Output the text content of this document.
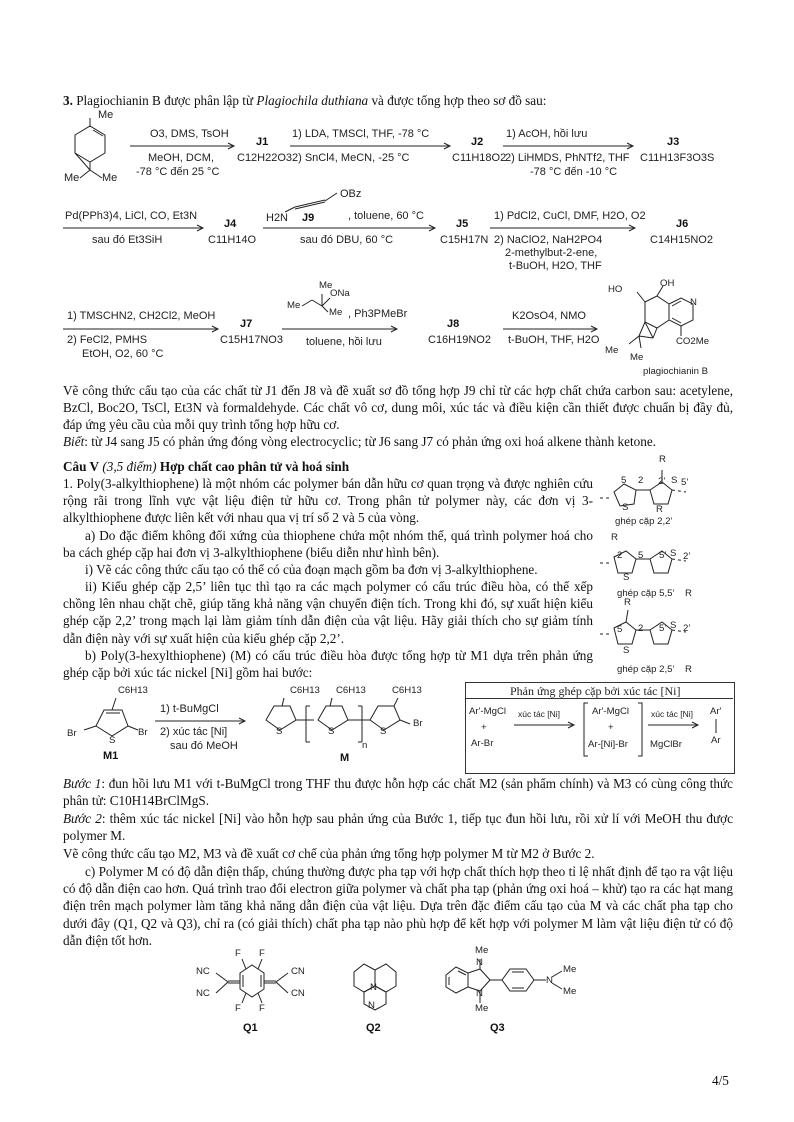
3. Plagiochianin B được phân lập từ Plagiochila duthiana và được tổng hợp theo sơ đồ sau:
Me
Me Me
O3, DMS, TsOH
MeOH, DCM,
-78 °C đến 25 °C
J1
C12H22O3
1) LDA, TMSCl, THF, -78 °C
2) SnCl4, MeCN, -25 °C
J2
C11H18O2
1) AcOH, hồi lưu
2) LiHMDS, PhNTf2, THF
-78 °C đến -10 °C
J3
C11H13F3O3S
Pd(PPh3)4, LiCl, CO, Et3N
sau đó Et3SiH
J4
C11H14O
H2N J9
OBz
, toluene, 60 °C
sau đó DBU, 60 °C
J5
C15H17N
1) PdCl2, CuCl, DMF, H2O, O2
2) NaClO2, NaH2PO4
2-methylbut-2-ene,
t-BuOH, H2O, THF
J6
C14H15NO2
1) TMSCHN2, CH2Cl2, MeOH
2) FeCl2, PMHS
EtOH, O2, 60 °C
J7
C15H17NO3
Me
ONa
Me
Me , Ph3PMeBr
toluene, hồi lưu
J8
C16H19NO2
K2OsO4, NMO
t-BuOH, THF, H2O
HO
OH
N
CO2Me
Me
Me
plagiochianin B
Vẽ công thức cấu tạo của các chất từ J1 đến J8 và đề xuất sơ đồ tổng hợp J9 chỉ từ các hợp chất chứa carbon sau: acetylene, BzCl, Boc2O, TsCl, Et3N và formaldehyde. Các chất vô cơ, dung môi, xúc tác và điều kiện cần thiết được chuẩn bị đầy đủ, đáp ứng yêu cầu của mỗi quy trình tổng hợp hữu cơ.
Biết: từ J4 sang J5 có phản ứng đóng vòng electrocyclic; từ J6 sang J7 có phản ứng oxi hoá alkene thành ketone.
Câu V (3,5 điểm) Hợp chất cao phân tử và hoá sinh
1. Poly(3-alkylthiophene) là một nhóm các polymer bán dẫn hữu cơ quan trọng và được nghiên cứu rộng rãi trong lĩnh vực vật liệu điện tử hữu cơ. Trong phân tử polymer này, các đơn vị 3-alkylthiophene được liên kết với nhau qua vị trí số 2 và 5 của vòng.
a) Do đặc điểm không đối xứng của thiophene chứa một nhóm thế, quá trình polymer hoá cho ba cách ghép cặp hai đơn vị 3-alkylthiophene (biểu diễn như hình bên).
i) Vẽ các công thức cấu tạo có thể có của đoạn mạch gồm ba đơn vị 3-alkylthiophene.
ii) Kiểu ghép cặp 2,5’ liên tục thì tạo ra các mạch polymer có cấu trúc điều hòa, có thể xếp chồng lên nhau chặt chẽ, giúp tăng khả năng vận chuyển điện tích. Trong khi đó, sự xuất hiện kiểu ghép cặp 2,2’ trong mạch lại làm giảm tính dẫn điện của vật liệu. Hãy giải thích cho sự giảm tính dẫn điện này với sự xuất hiện của kiểu ghép cặp 2,2’.
b) Poly(3-hexylthiophene) (M) có cấu trúc điều hòa được tổng hợp từ M1 dựa trên phản ứng ghép cặp bởi xúc tác nickel [Ni] gồm hai bước:
R
5 2 2’ S 5’
S	R
ghép cặp 2,2’
R
2 5 5’ S 2’
S
ghép cặp 5,5’ R
R
5 2 5’ S 2’
S
ghép cặp 2,5’ R
C6H13
Br
S
Br
M1
1) t-BuMgCl
2) xúc tác [Ni]
sau đó MeOH
C6H13 C6H13	C6H13
S	S	S
n
Br
M
Phản ứng ghép cặp bởi xúc tác [Ni]
Ar'-MgCl
+
Ar-Br
xúc tác [Ni]	Ar'-MgCl
+
Ar-[Ni]-Br
xúc tác [Ni]
MgClBr
Ar'
Ar
Bước 1: đun hồi lưu M1 với t-BuMgCl trong THF thu được hỗn hợp các chất M2 (sản phẩm chính) và M3 có cùng công thức phân tử: C10H14BrClMgS.
Bước 2: thêm xúc tác nickel [Ni] vào hỗn hợp sau phản ứng của Bước 1, tiếp tục đun hồi lưu, rồi xử lí với MeOH thu được polymer M.
Vẽ công thức cấu tạo M2, M3 và đề xuất cơ chế của phản ứng tổng hợp polymer M từ M2 ở Bước 2.
c) Polymer M có độ dẫn điện thấp, chúng thường được pha tạp với hợp chất thích hợp theo tỉ lệ nhất định để tạo ra vật liệu có độ dẫn điện cao hơn. Quá trình trao đổi electron giữa polymer và chất pha tạp (phản ứng oxi hoá – khử) tạo ra các hạt mang điện trên mạch polymer làm tăng khả năng dẫn điện của vật liệu. Dựa trên đặc điểm cấu tạo của M và các chất pha tạp cho dưới đây (Q1, Q2 và Q3), chỉ ra (có giải thích) chất pha tạp nào phù hợp để kết hợp với polymer M làm vật liệu điện tử có độ dẫn điện tốt hơn.
F F
F F
NC
NC
CN
CN
Q1
N
N
Q2
Me
N
N
Me
N
Me
Me
Q3
4/5
